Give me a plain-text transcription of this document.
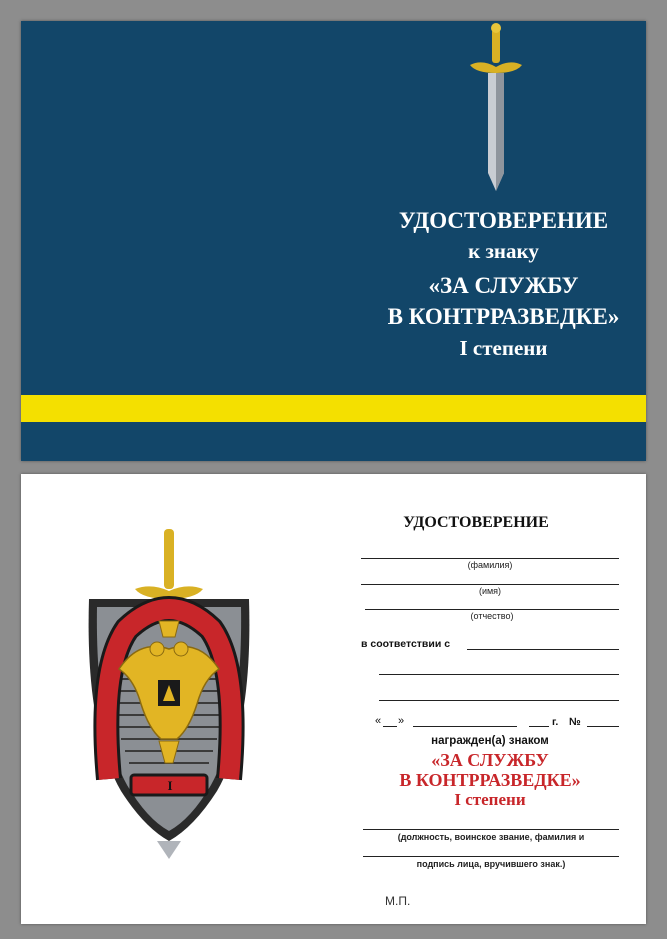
УДОСТОВЕРЕНИЕ
к знаку
«ЗА СЛУЖБУ
В КОНТРРАЗВЕДКЕ»
I степени
I
УДОСТОВЕРЕНИЕ
(фамилия)
(имя)
(отчество)
в соответствии с
« »	г. №
награжден(а) знаком
«ЗА СЛУЖБУ
В КОНТРРАЗВЕДКЕ»
I степени
(должность, воинское звание, фамилия и
подпись лица, вручившего знак.)
М.П.
